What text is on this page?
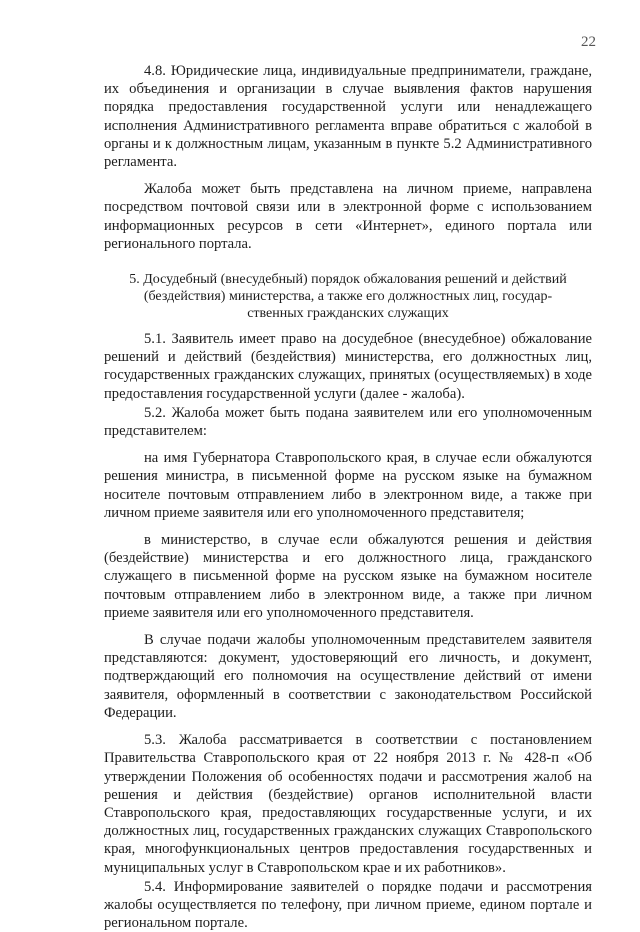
22

4.8. Юридические лица, индивидуальные предприниматели, граждане, их объединения и организации в случае выявления фактов нарушения порядка предоставления государственной услуги или ненадлежащего исполнения Административного регламента вправе обратиться с жалобой в органы и к должностным лицам, указанным в пункте 5.2 Административного регламента.

Жалоба может быть представлена на личном приеме, направлена посредством почтовой связи или в электронной форме с использованием информационных ресурсов в сети «Интернет», единого портала или регионального портала.

5. Досудебный (внесудебный) порядок обжалования решений и действий (бездействия) министерства, а также его должностных лиц, государ-
ственных гражданских служащих

5.1. Заявитель имеет право на досудебное (внесудебное) обжалование решений и действий (бездействия) министерства, его должностных лиц, государственных гражданских служащих, принятых (осуществляемых) в ходе предоставления государственной услуги (далее - жалоба).

5.2. Жалоба может быть подана заявителем или его уполномоченным представителем:

на имя Губернатора Ставропольского края, в случае если обжалуются решения министра, в письменной форме на русском языке на бумажном носителе почтовым отправлением либо в электронном виде, а также при личном приеме заявителя или его уполномоченного представителя;

в министерство, в случае если обжалуются решения и действия (бездействие) министерства и его должностного лица, гражданского служащего в письменной форме на русском языке на бумажном носителе почтовым отправлением либо в электронном виде, а также при личном приеме заявителя или его уполномоченного представителя.

В случае подачи жалобы уполномоченным представителем заявителя представляются: документ, удостоверяющий его личность, и документ, подтверждающий его полномочия на осуществление действий от имени заявителя, оформленный в соответствии с законодательством Российской Федерации.

5.3. Жалоба рассматривается в соответствии с постановлением Правительства Ставропольского края от 22 ноября 2013 г. № 428-п «Об утверждении Положения об особенностях подачи и рассмотрения жалоб на решения и действия (бездействие) органов исполнительной власти Ставропольского края, предоставляющих государственные услуги, и их должностных лиц, государственных гражданских служащих Ставропольского края, многофункциональных центров предоставления государственных и муниципальных услуг в Ставропольском крае и их работников».

5.4. Информирование заявителей о порядке подачи и рассмотрения жалобы осуществляется по телефону, при личном приеме, едином портале и региональном портале.
